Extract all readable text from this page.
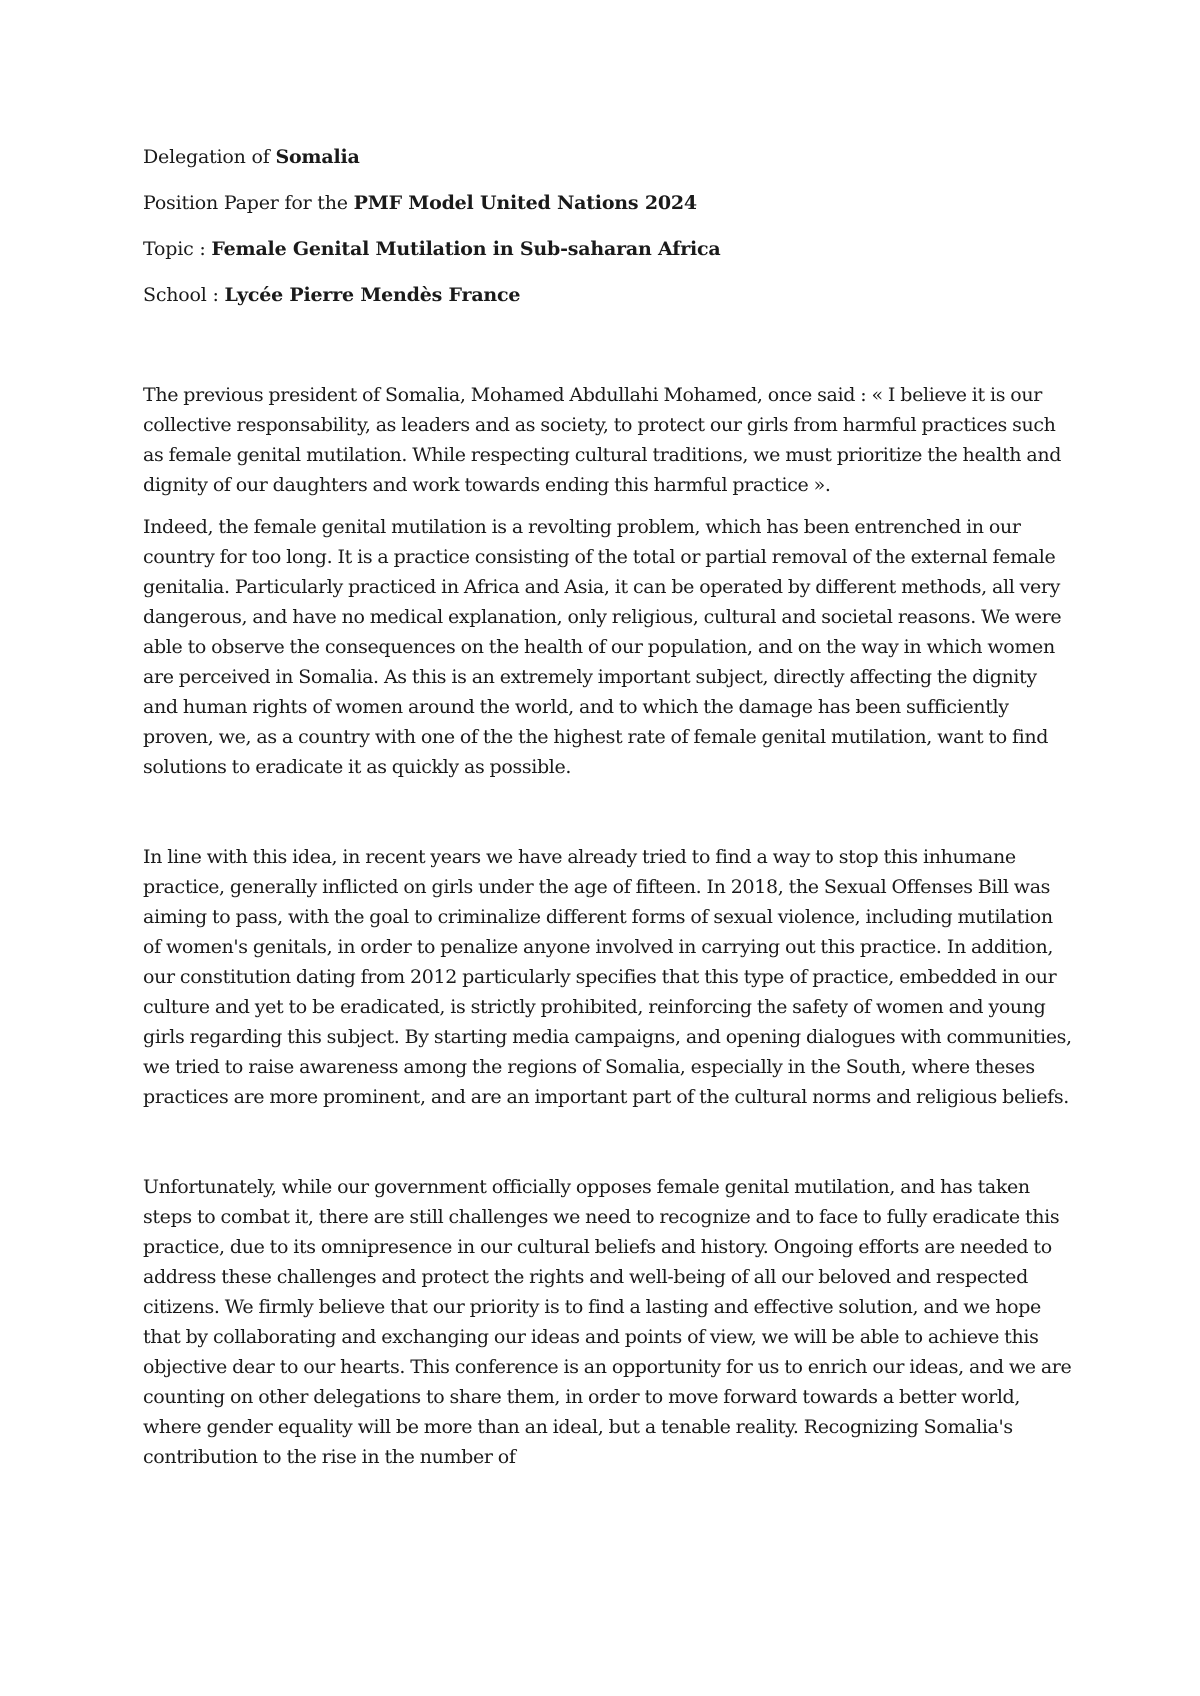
Delegation of Somalia
Position Paper for the PMF Model United Nations 2024
Topic : Female Genital Mutilation in Sub-saharan Africa
School : Lycée Pierre Mendès France

The previous president of Somalia, Mohamed Abdullahi Mohamed, once said : « I believe it is our collective responsability, as leaders and as society, to protect our girls from harmful practices such as female genital mutilation. While respecting cultural traditions, we must prioritize the health and dignity of our daughters and work towards ending this harmful practice ».

Indeed, the female genital mutilation is a revolting problem, which has been entrenched in our country for too long. It is a practice consisting of the total or partial removal of the external female genitalia. Particularly practiced in Africa and Asia, it can be operated by different methods, all very dangerous, and have no medical explanation, only religious, cultural and societal reasons. We were able to observe the consequences on the health of our population, and on the way in which women are perceived in Somalia. As this is an extremely important subject, directly affecting the dignity and human rights of women around the world, and to which the damage has been sufficiently proven, we, as a country with one of the the highest rate of female genital mutilation, want to find solutions to eradicate it as quickly as possible.

In line with this idea, in recent years we have already tried to find a way to stop this inhumane practice, generally inflicted on girls under the age of fifteen. In 2018, the Sexual Offenses Bill was aiming to pass, with the goal to criminalize different forms of sexual violence, including mutilation of women's genitals, in order to penalize anyone involved in carrying out this practice. In addition, our constitution dating from 2012 particularly specifies that this type of practice, embedded in our culture and yet to be eradicated, is strictly prohibited, reinforcing the safety of women and young girls regarding this subject. By starting media campaigns, and opening dialogues with communities, we tried to raise awareness among the regions of Somalia, especially in the South, where theses practices are more prominent, and are an important part of the cultural norms and religious beliefs.

Unfortunately, while our government officially opposes female genital mutilation, and has taken steps to combat it, there are still challenges we need to recognize and to face to fully eradicate this practice, due to its omnipresence in our cultural beliefs and history. Ongoing efforts are needed to address these challenges and protect the rights and well-being of all our beloved and respected citizens. We firmly believe that our priority is to find a lasting and effective solution, and we hope that by collaborating and exchanging our ideas and points of view, we will be able to achieve this objective dear to our hearts. This conference is an opportunity for us to enrich our ideas, and we are counting on other delegations to share them, in order to move forward towards a better world, where gender equality will be more than an ideal, but a tenable reality. Recognizing Somalia's contribution to the rise in the number of
